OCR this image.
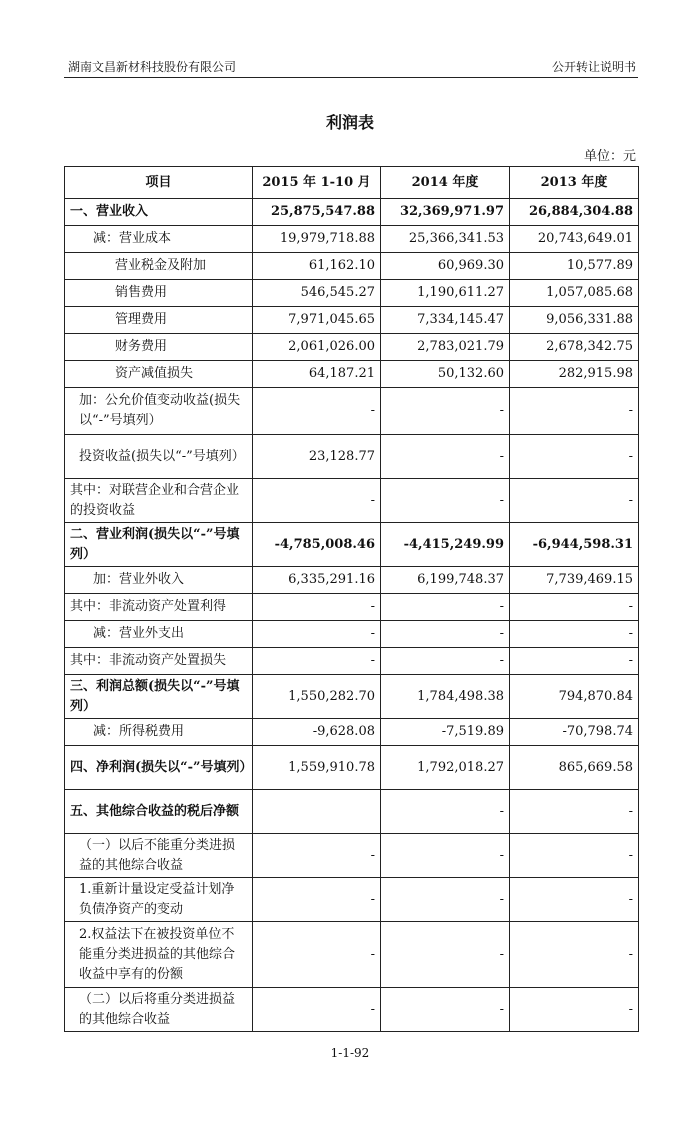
湖南文昌新材科技股份有限公司	公开转让说明书
利润表
单位：元
项目	2015 年 1-10 月	2014 年度	2013 年度
一、营业收入	25,875,547.88	32,369,971.97	26,884,304.88
减：营业成本	19,979,718.88	25,366,341.53	20,743,649.01
营业税金及附加	61,162.10	60,969.30	10,577.89
销售费用	546,545.27	1,190,611.27	1,057,085.68
管理费用	7,971,045.65	7,334,145.47	9,056,331.88
财务费用	2,061,026.00	2,783,021.79	2,678,342.75
资产减值损失	64,187.21	50,132.60	282,915.98
加：公允价值变动收益(损失以“-”号填列）	-	-	-
投资收益(损失以“-”号填列）	23,128.77	-	-
其中：对联营企业和合营企业的投资收益	-	-	-
二、营业利润(损失以“-”号填列）	-4,785,008.46	-4,415,249.99	-6,944,598.31
加：营业外收入	6,335,291.16	6,199,748.37	7,739,469.15
其中：非流动资产处置利得	-	-	-
减：营业外支出	-	-	-
其中：非流动资产处置损失	-	-	-
三、利润总额(损失以“-”号填列）	1,550,282.70	1,784,498.38	794,870.84
减：所得税费用	-9,628.08	-7,519.89	-70,798.74
四、净利润(损失以“-”号填列）	1,559,910.78	1,792,018.27	865,669.58
五、其他综合收益的税后净额		-	-
（一）以后不能重分类进损益的其他综合收益	-	-	-
1.重新计量设定受益计划净负债净资产的变动	-	-	-
2.权益法下在被投资单位不能重分类进损益的其他综合收益中享有的份额	-	-	-
（二）以后将重分类进损益的其他综合收益	-	-	-
1-1-92
